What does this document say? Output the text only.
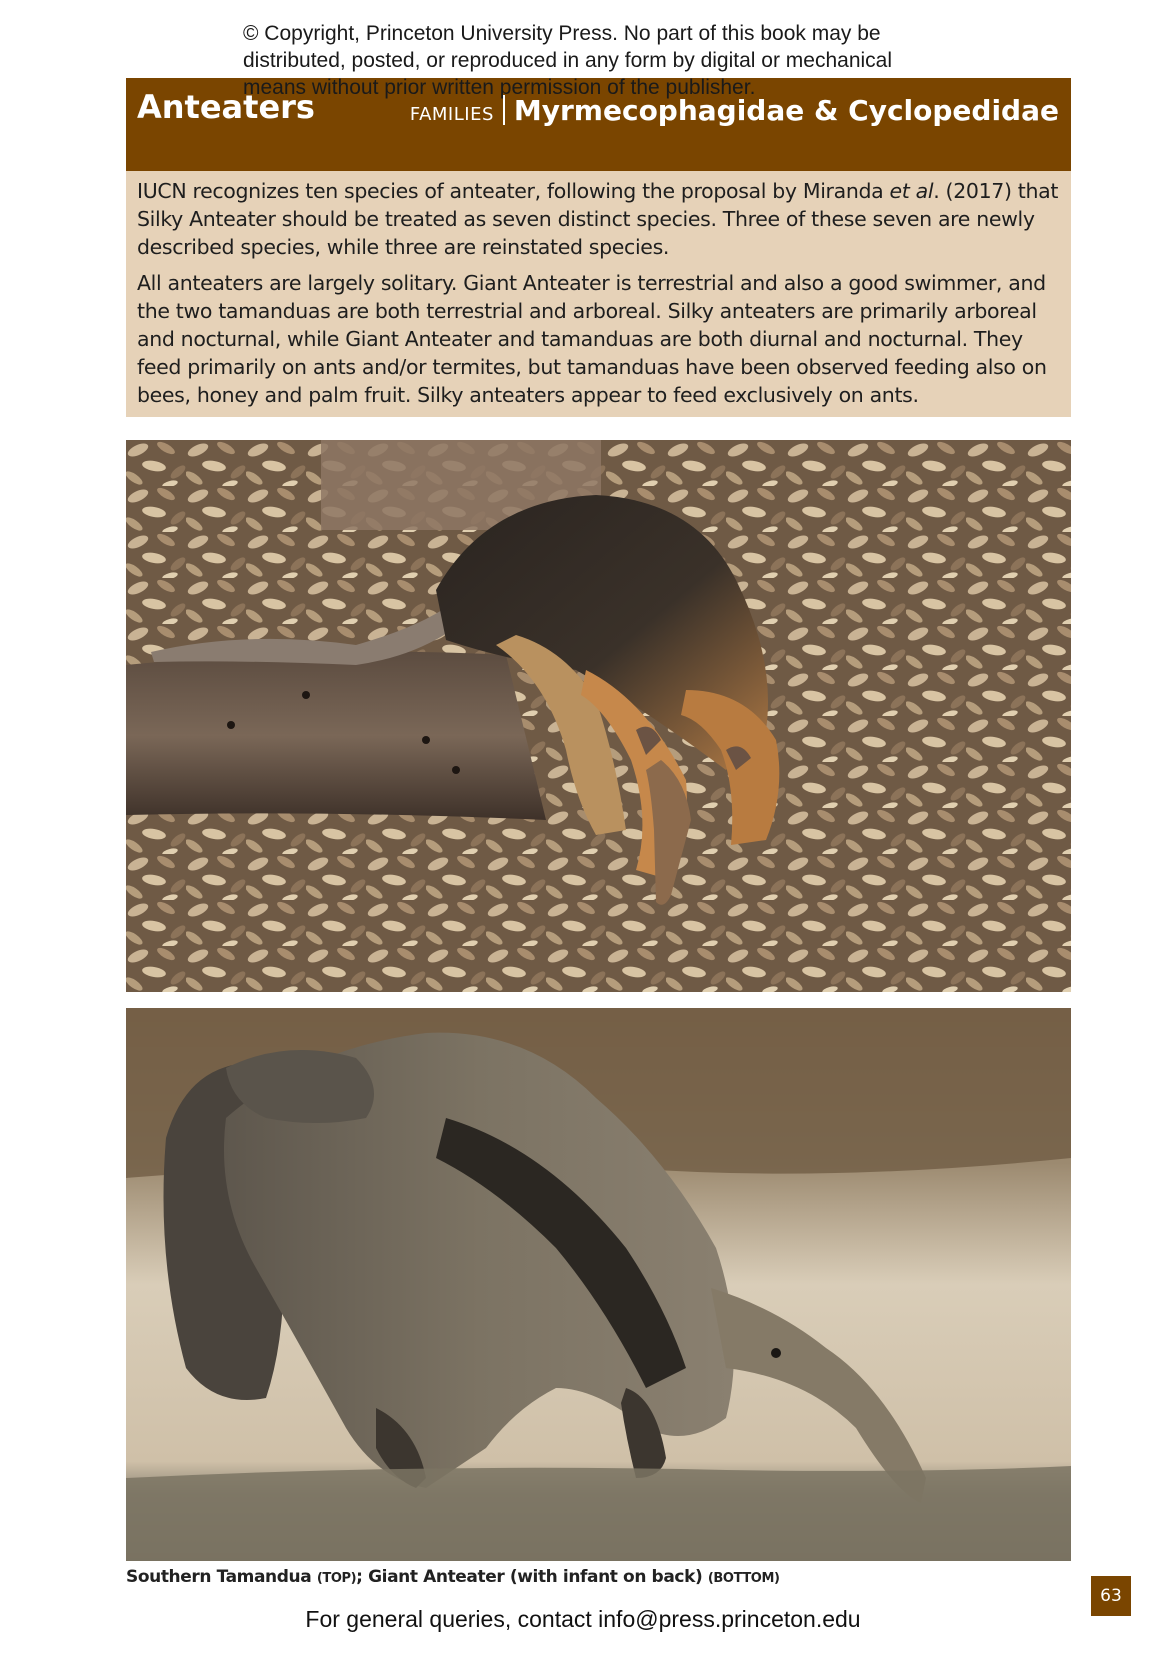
© Copyright, Princeton University Press. No part of this book may be
distributed, posted, or reproduced in any form by digital or mechanical
means without prior written permission of the publisher.
Anteaters	FAMILIES Myrmecophagidae & Cyclopedidae

IUCN recognizes ten species of anteater, following the proposal by Miranda et al. (2017) that Silky Anteater should be treated as seven distinct species. Three of these seven are newly described species, while three are reinstated species.

All anteaters are largely solitary. Giant Anteater is terrestrial and also a good swimmer, and the two tamanduas are both terrestrial and arboreal. Silky anteaters are primarily arboreal and nocturnal, while Giant Anteater and tamanduas are both diurnal and nocturnal. They feed primarily on ants and/or termites, but tamanduas have been observed feeding also on bees, honey and palm fruit. Silky anteaters appear to feed exclusively on ants.

Southern Tamandua (TOP); Giant Anteater (with infant on back) (BOTTOM)
63
For general queries, contact info@press.princeton.edu
